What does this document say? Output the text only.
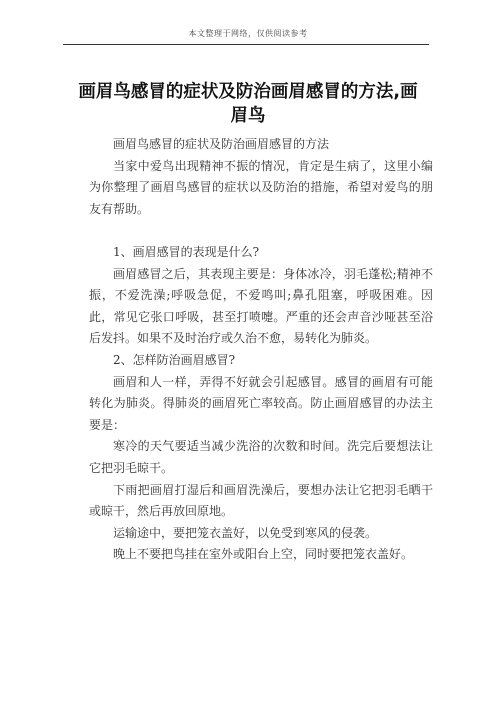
本文整理于网络，仅供阅读参考
画眉鸟感冒的症状及防治画眉感冒的方法,画眉鸟

画眉鸟感冒的症状及防治画眉感冒的方法

当家中爱鸟出现精神不振的情况，肯定是生病了，这里小编为你整理了画眉鸟感冒的症状以及防治的措施，希望对爱鸟的朋友有帮助。

1、画眉感冒的表现是什么?

画眉感冒之后，其表现主要是：身体冰冷，羽毛蓬松;精神不振，不爱洗澡;呼吸急促，不爱鸣叫;鼻孔阻塞，呼吸困难。因此，常见它张口呼吸，甚至打喷嚏。严重的还会声音沙哑甚至浴后发抖。如果不及时治疗或久治不愈，易转化为肺炎。

2、怎样防治画眉感冒?

画眉和人一样，弄得不好就会引起感冒。感冒的画眉有可能转化为肺炎。得肺炎的画眉死亡率较高。防止画眉感冒的办法主要是：

寒冷的天气要适当减少洗浴的次数和时间。洗完后要想法让它把羽毛晾干。

下雨把画眉打湿后和画眉洗澡后，要想办法让它把羽毛晒干或晾干，然后再放回原地。

运输途中，要把笼衣盖好，以免受到寒风的侵袭。

晚上不要把鸟挂在室外或阳台上空，同时要把笼衣盖好。
